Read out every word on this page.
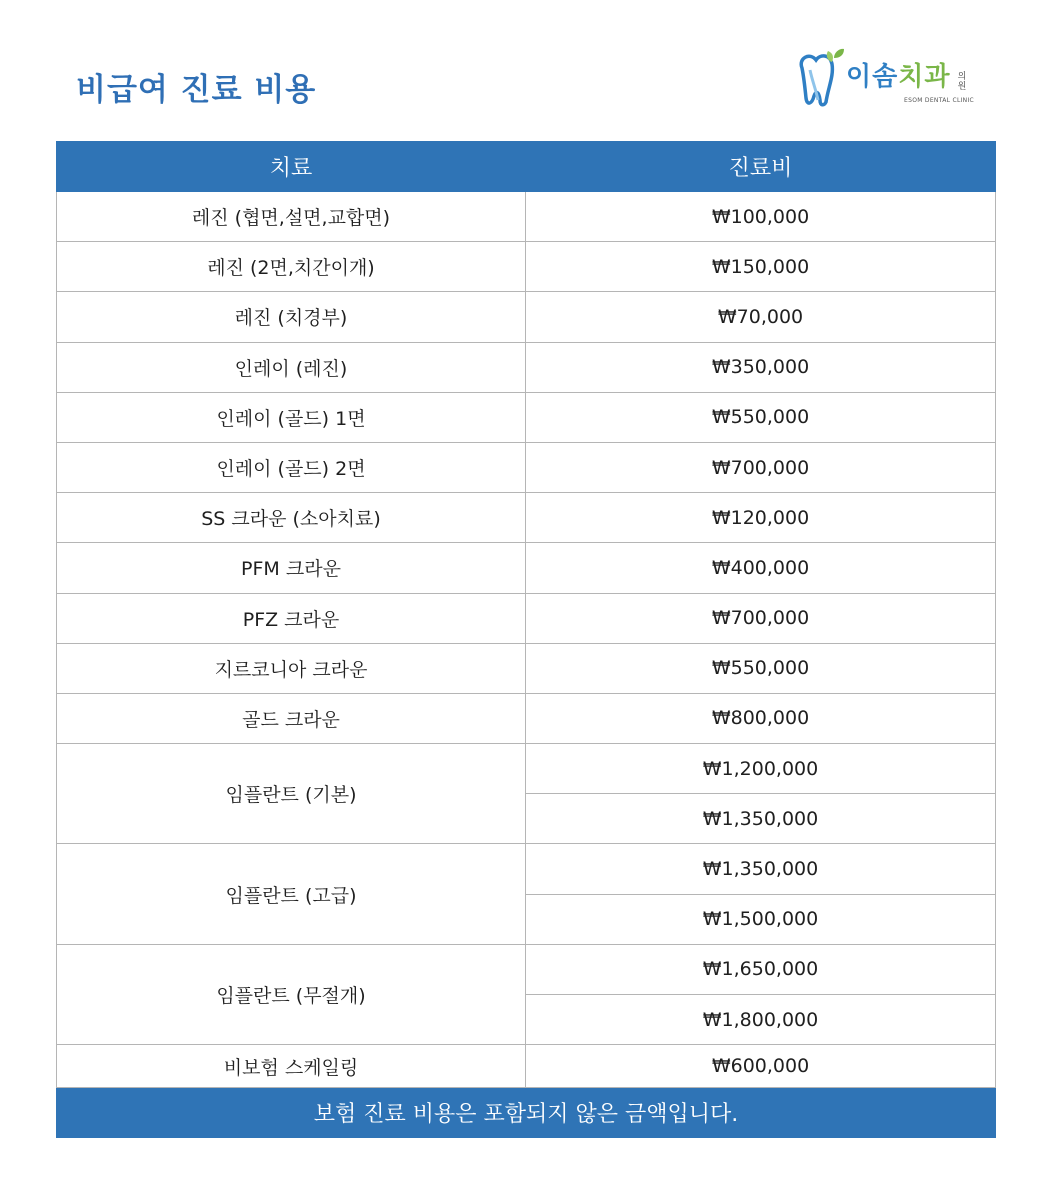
비급여 진료 비용	이솜치과 의원
ESOM DENTAL CLINIC
치료	진료비
레진 (협면,설면,교합면)	₩100,000
레진 (2면,치간이개)	₩150,000
레진 (치경부)	₩70,000
인레이 (레진)	₩350,000
인레이 (골드) 1면	₩550,000
인레이 (골드) 2면	₩700,000
SS 크라운 (소아치료)	₩120,000
PFM 크라운	₩400,000
PFZ 크라운	₩700,000
지르코니아 크라운	₩550,000
골드 크라운	₩800,000
임플란트 (기본)	₩1,200,000
	₩1,350,000
임플란트 (고급)	₩1,350,000
	₩1,500,000
임플란트 (무절개)	₩1,650,000
	₩1,800,000
비보험 스케일링	₩600,000
보험 진료 비용은 포함되지 않은 금액입니다.	
